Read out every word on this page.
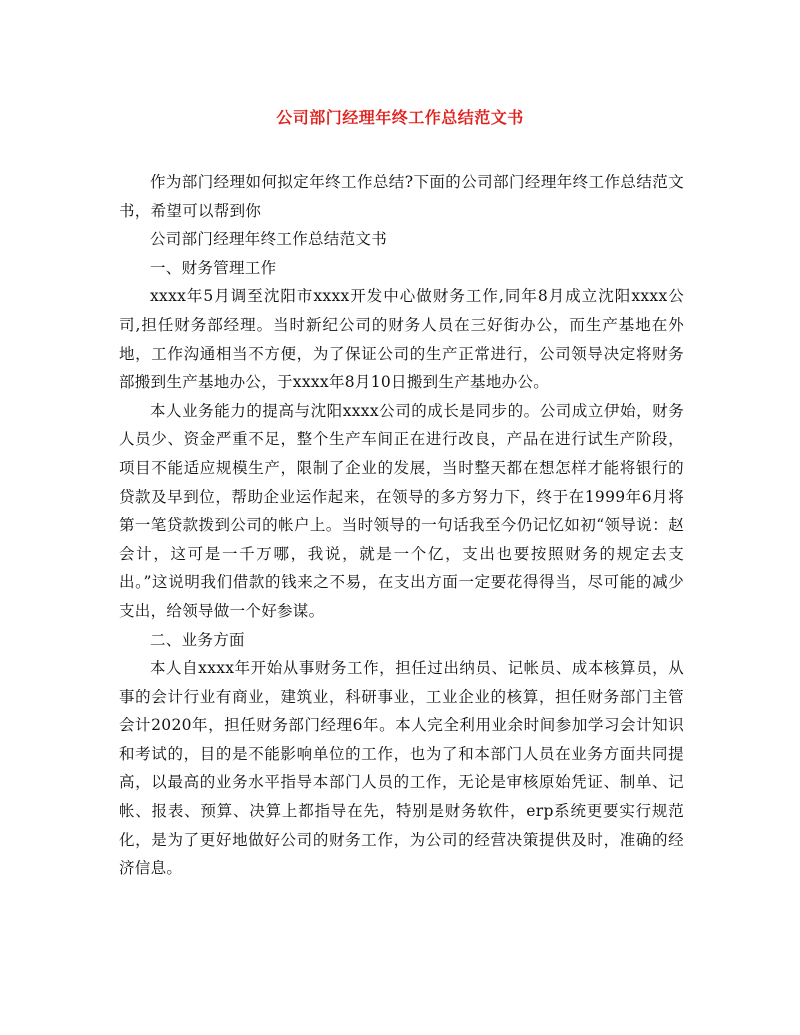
公司部门经理年终工作总结范文书

作为部门经理如何拟定年终工作总结?下面的公司部门经理年终工作总结范文书，希望可以帮到你

公司部门经理年终工作总结范文书

一、财务管理工作

xxxx年5月调至沈阳市xxxx开发中心做财务工作,同年8月成立沈阳xxxx公司,担任财务部经理。当时新纪公司的财务人员在三好街办公，而生产基地在外地，工作沟通相当不方便，为了保证公司的生产正常进行，公司领导决定将财务部搬到生产基地办公，于xxxx年8月10日搬到生产基地办公。

本人业务能力的提高与沈阳xxxx公司的成长是同步的。公司成立伊始，财务人员少、资金严重不足，整个生产车间正在进行改良，产品在进行试生产阶段，项目不能适应规模生产，限制了企业的发展，当时整天都在想怎样才能将银行的贷款及早到位，帮助企业运作起来，在领导的多方努力下，终于在1999年6月将第一笔贷款拨到公司的帐户上。当时领导的一句话我至今仍记忆如初“领导说：赵会计，这可是一千万哪，我说，就是一个亿，支出也要按照财务的规定去支出。”这说明我们借款的钱来之不易，在支出方面一定要花得得当，尽可能的减少支出，给领导做一个好参谋。

二、业务方面

本人自xxxx年开始从事财务工作，担任过出纳员、记帐员、成本核算员，从事的会计行业有商业，建筑业，科研事业，工业企业的核算，担任财务部门主管会计2020年，担任财务部门经理6年。本人完全利用业余时间参加学习会计知识和考试的，目的是不能影响单位的工作，也为了和本部门人员在业务方面共同提高，以最高的业务水平指导本部门人员的工作，无论是审核原始凭证、制单、记帐、报表、预算、决算上都指导在先，特别是财务软件，erp系统更要实行规范化，是为了更好地做好公司的财务工作，为公司的经营决策提供及时，准确的经济信息。
